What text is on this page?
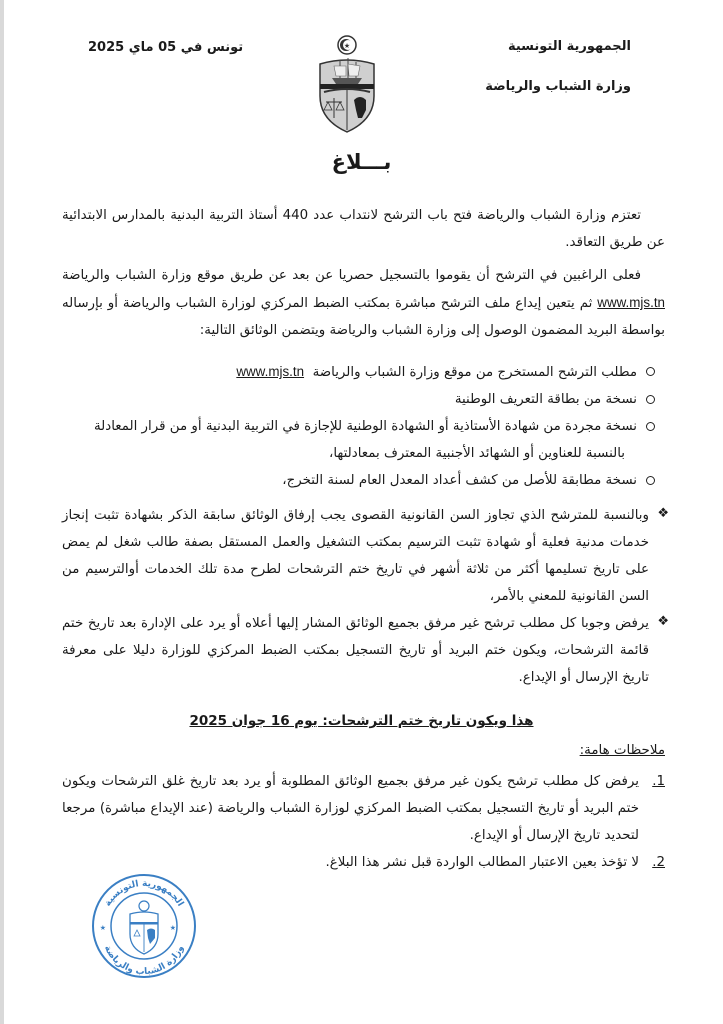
الجمهورية التونسية
وزارة الشباب والرياضة
تونس في 05 ماي 2025	★
بـــلاغ
تعتزم وزارة الشباب والرياضة فتح باب الترشح لانتداب عدد 440 أستاذ التربية البدنية بالمدارس الابتدائية عن طريق التعاقد.
فعلى الراغبين في الترشح أن يقوموا بالتسجيل حصريا عن بعد عن طريق موقع وزارة الشباب والرياضة www.mjs.tn ثم يتعين إيداع ملف الترشح مباشرة بمكتب الضبط المركزي لوزارة الشباب والرياضة أو بإرساله بواسطة البريد المضمون الوصول إلى وزارة الشباب والرياضة ويتضمن الوثائق التالية:
مطلب الترشح المستخرج من موقع وزارة الشباب والرياضة  www.mjs.tn
نسخة من بطاقة التعريف الوطنية
نسخة مجردة من شهادة الأستاذية أو الشهادة الوطنية للإجازة في التربية البدنية أو من قرار المعادلة
بالنسبة للعناوين أو الشهائد الأجنبية المعترف بمعادلتها،
نسخة مطابقة للأصل من كشف أعداد المعدل العام لسنة التخرج،
❖
وبالنسبة للمترشح الذي تجاوز السن القانونية القصوى يجب إرفاق الوثائق سابقة الذكر بشهادة تثبت إنجاز خدمات مدنية فعلية أو شهادة تثبت الترسيم بمكتب التشغيل والعمل المستقل بصفة طالب شغل لم يمض على تاريخ تسليمها أكثر من ثلاثة أشهر في تاريخ ختم الترشحات لطرح مدة تلك الخدمات أوالترسيم من السن القانونية للمعني بالأمر،
❖
يرفض وجوبا كل مطلب ترشح غير مرفق بجميع الوثائق المشار إليها أعلاه أو يرد على الإدارة بعد تاريخ ختم قائمة الترشحات، ويكون ختم البريد أو تاريخ التسجيل بمكتب الضبط المركزي للوزارة دليلا على معرفة تاريخ الإرسال أو الإيداع.
هذا ويكون تاريخ ختم الترشحات: يوم 16 جوان 2025
ملاحظات هامة:
1.
يرفض كل مطلب ترشح يكون غير مرفق بجميع الوثائق المطلوبة أو يرد بعد تاريخ غلق الترشحات ويكون ختم البريد أو تاريخ التسجيل بمكتب الضبط المركزي لوزارة الشباب والرياضة (عند الإيداع مباشرة) مرجعا لتحديد تاريخ الإرسال أو الإيداع.
2.
لا تؤخذ بعين الاعتبار المطالب الواردة قبل نشر هذا البلاغ.
الجمهورية التونسية
وزارة الشباب والرياضة
★	★
